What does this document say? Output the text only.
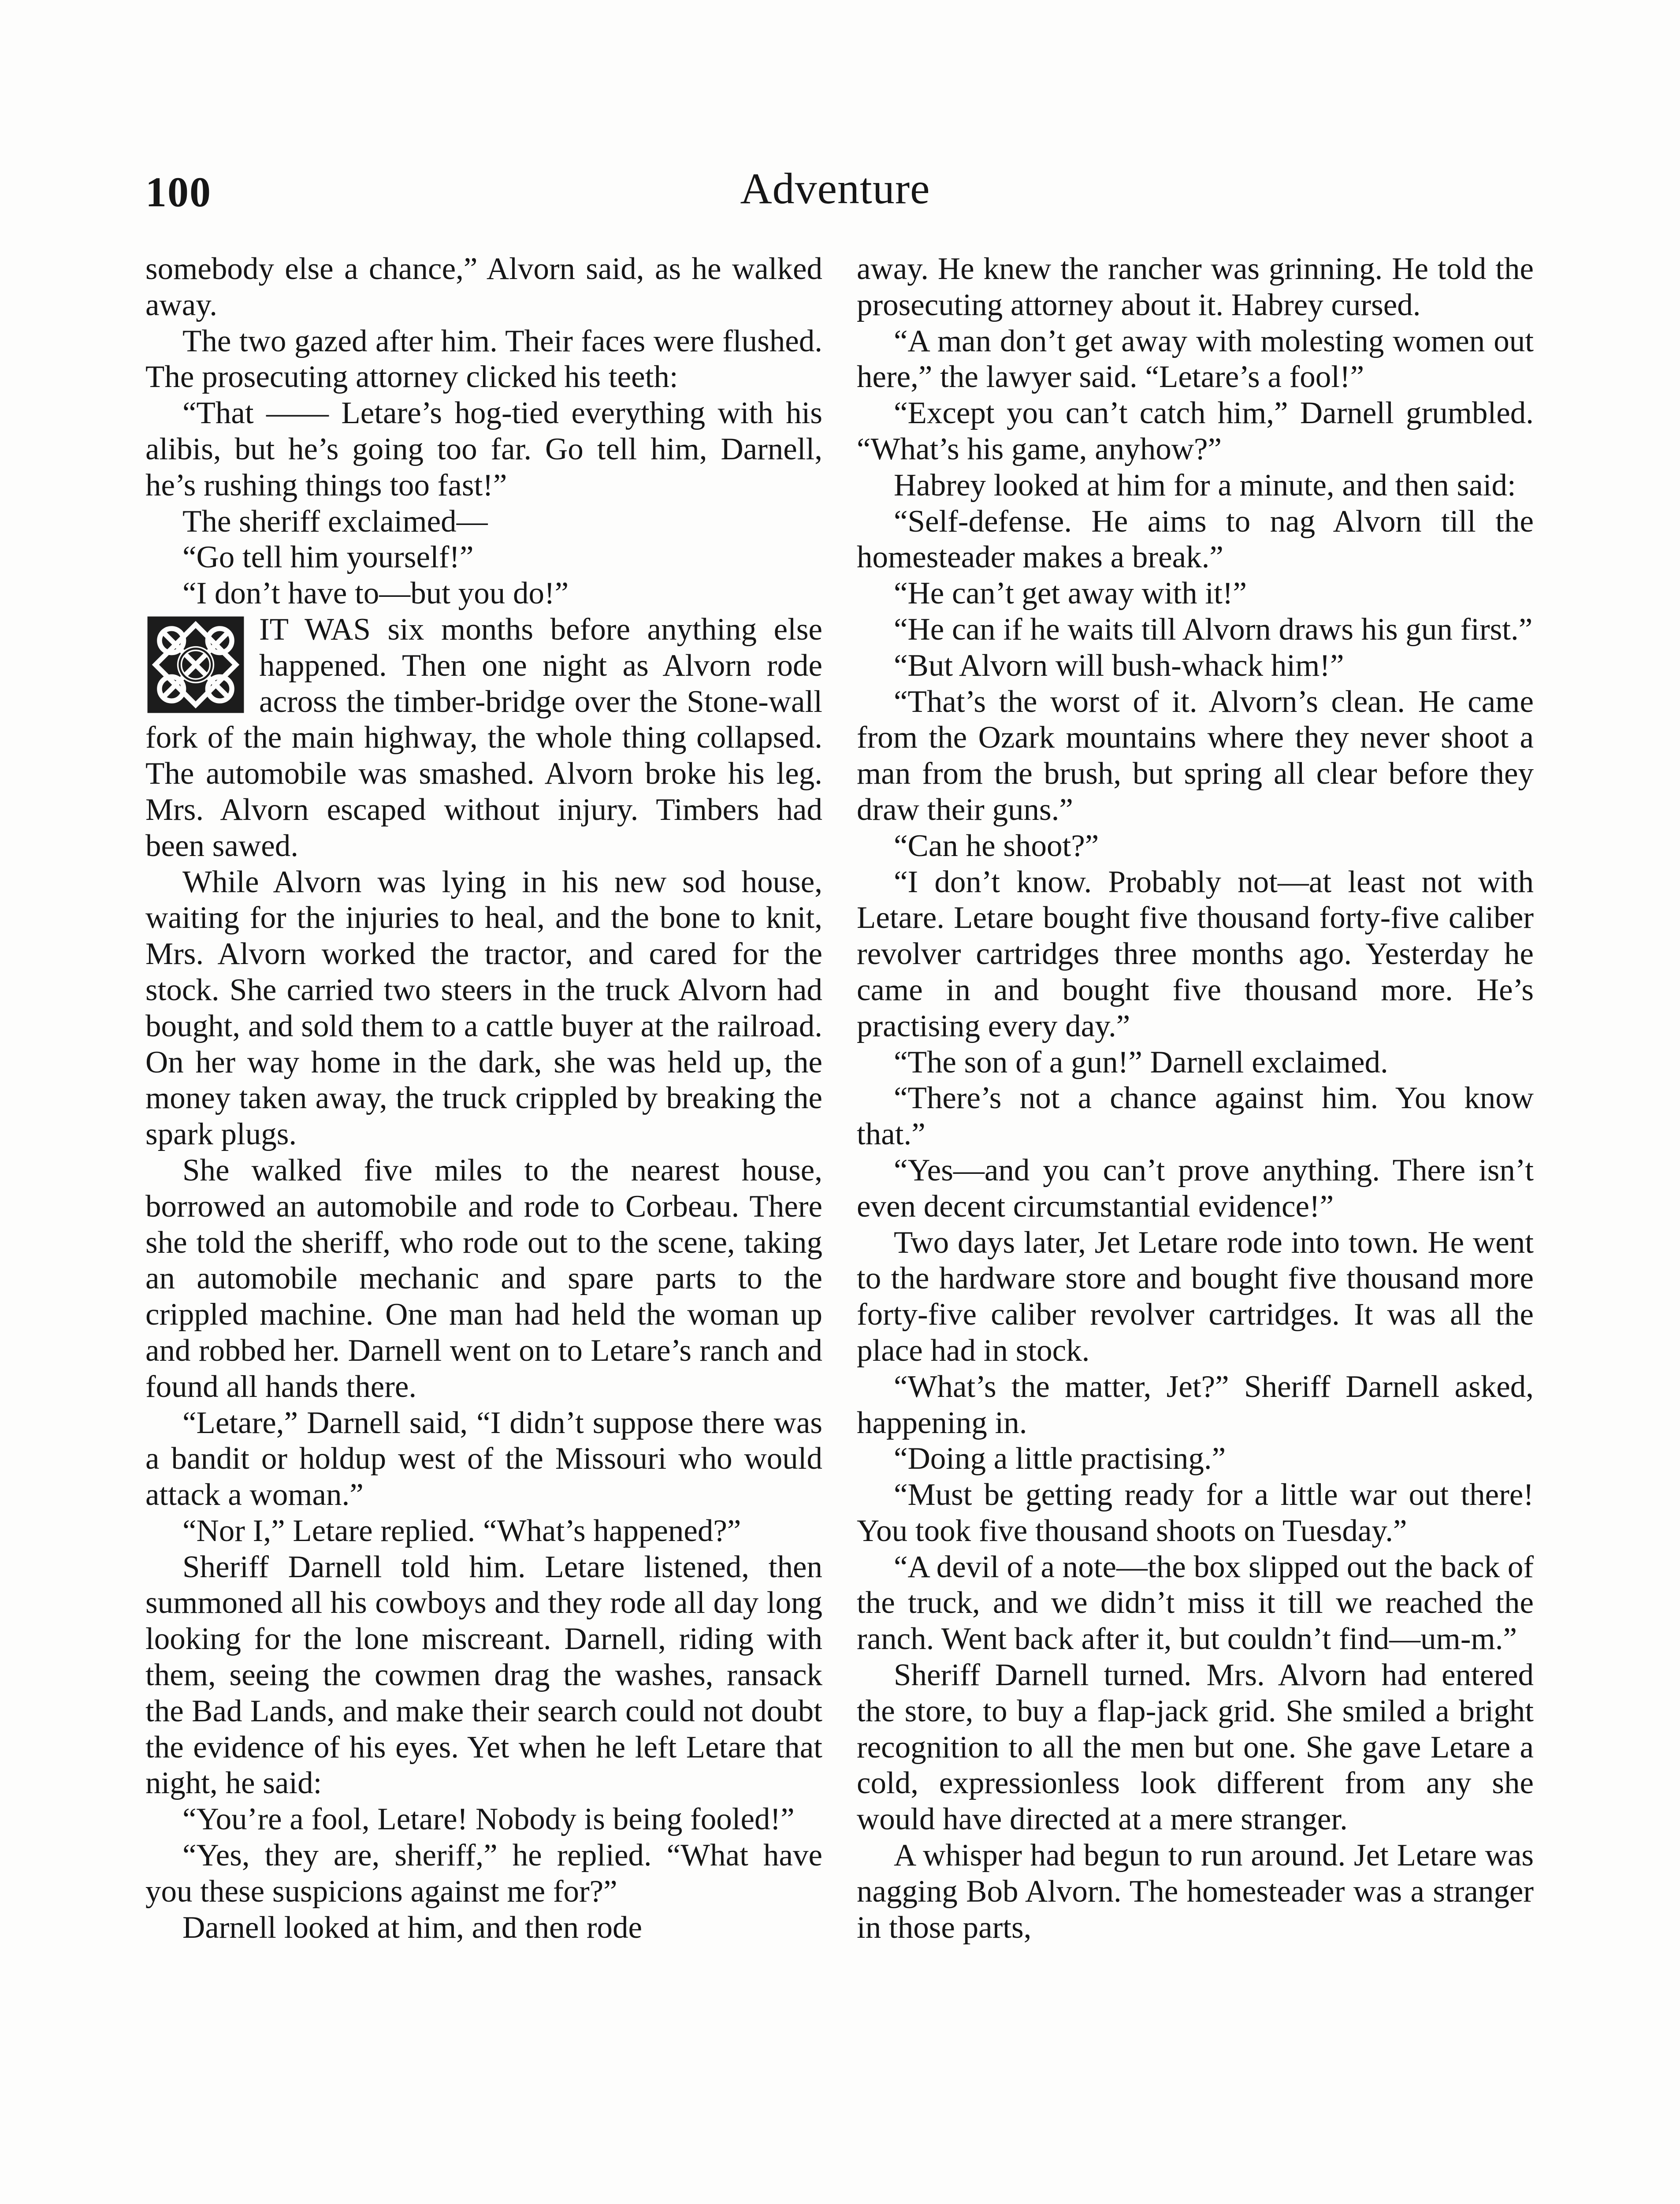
100	Adventure

somebody else a chance,” Alvorn said, as he walked away.

The two gazed after him. Their faces were flushed. The prosecuting attorney clicked his teeth:

“That —— Letare’s hog-tied everything with his alibis, but he’s going too far. Go tell him, Darnell, he’s rushing things too fast!”

The sheriff exclaimed—

“Go tell him yourself!”

“I don’t have to—but you do!”

IT WAS six months before anything else happened. Then one night as Alvorn rode across the timber-bridge over the Stone-wall fork of the main highway, the whole thing collapsed. The automobile was smashed. Alvorn broke his leg. Mrs. Alvorn escaped without injury. Timbers had been sawed.

While Alvorn was lying in his new sod house, waiting for the injuries to heal, and the bone to knit, Mrs. Alvorn worked the tractor, and cared for the stock. She carried two steers in the truck Alvorn had bought, and sold them to a cattle buyer at the railroad. On her way home in the dark, she was held up, the money taken away, the truck crippled by breaking the spark plugs.

She walked five miles to the nearest house, borrowed an automobile and rode to Corbeau. There she told the sheriff, who rode out to the scene, taking an automobile mechanic and spare parts to the crippled machine. One man had held the woman up and robbed her. Darnell went on to Letare’s ranch and found all hands there.

“Letare,” Darnell said, “I didn’t suppose there was a bandit or holdup west of the Missouri who would attack a woman.”

“Nor I,” Letare replied. “What’s happened?”

Sheriff Darnell told him. Letare listened, then summoned all his cowboys and they rode all day long looking for the lone miscreant. Darnell, riding with them, seeing the cowmen drag the washes, ransack the Bad Lands, and make their search could not doubt the evidence of his eyes. Yet when he left Letare that night, he said:

“You’re a fool, Letare! Nobody is being fooled!”

“Yes, they are, sheriff,” he replied. “What have you these suspicions against me for?”

Darnell looked at him, and then rode

away. He knew the rancher was grinning. He told the prosecuting attorney about it. Habrey cursed.

“A man don’t get away with molesting women out here,” the lawyer said. “Letare’s a fool!”

“Except you can’t catch him,” Darnell grumbled. “What’s his game, anyhow?”

Habrey looked at him for a minute, and then said:

“Self-defense. He aims to nag Alvorn till the homesteader makes a break.”

“He can’t get away with it!”

“He can if he waits till Alvorn draws his gun first.”

“But Alvorn will bush-whack him!”

“That’s the worst of it. Alvorn’s clean. He came from the Ozark mountains where they never shoot a man from the brush, but spring all clear before they draw their guns.”

“Can he shoot?”

“I don’t know. Probably not—at least not with Letare. Letare bought five thousand forty-five caliber revolver cartridges three months ago. Yesterday he came in and bought five thousand more. He’s practising every day.”

“The son of a gun!” Darnell exclaimed.

“There’s not a chance against him. You know that.”

“Yes—and you can’t prove anything. There isn’t even decent circumstantial evidence!”

Two days later, Jet Letare rode into town. He went to the hardware store and bought five thousand more forty-five caliber revolver cartridges. It was all the place had in stock.

“What’s the matter, Jet?” Sheriff Darnell asked, happening in.

“Doing a little practising.”

“Must be getting ready for a little war out there! You took five thousand shoots on Tuesday.”

“A devil of a note—the box slipped out the back of the truck, and we didn’t miss it till we reached the ranch. Went back after it, but couldn’t find—um-m.”

Sheriff Darnell turned. Mrs. Alvorn had entered the store, to buy a flap-jack grid. She smiled a bright recognition to all the men but one. She gave Letare a cold, expressionless look different from any she would have directed at a mere stranger.

A whisper had begun to run around. Jet Letare was nagging Bob Alvorn. The homesteader was a stranger in those parts,
